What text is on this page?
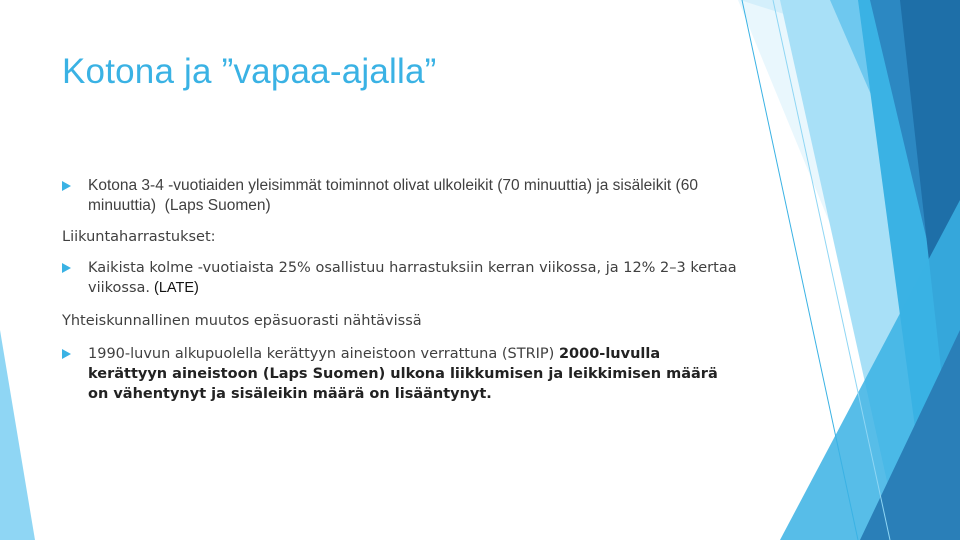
Kotona ja ”vapaa-ajalla”
Kotona 3-4 -vuotiaiden yleisimmät toiminnot olivat ulkoleikit (70 minuuttia) ja sisäleikit (60 minuuttia)  (Laps Suomen)
Liikuntaharrastukset:
Kaikista kolme -vuotiaista 25% osallistuu harrastuksiin kerran viikossa, ja 12% 2–3 kertaa viikossa. (LATE)
Yhteiskunnallinen muutos epäsuorasti nähtävissä
1990-luvun alkupuolella kerättyyn aineistoon verrattuna (STRIP) 2000-luvulla kerättyyn aineistoon (Laps Suomen) ulkona liikkumisen ja leikkimisen määrä on vähentynyt ja sisäleikin määrä on lisääntynyt.
